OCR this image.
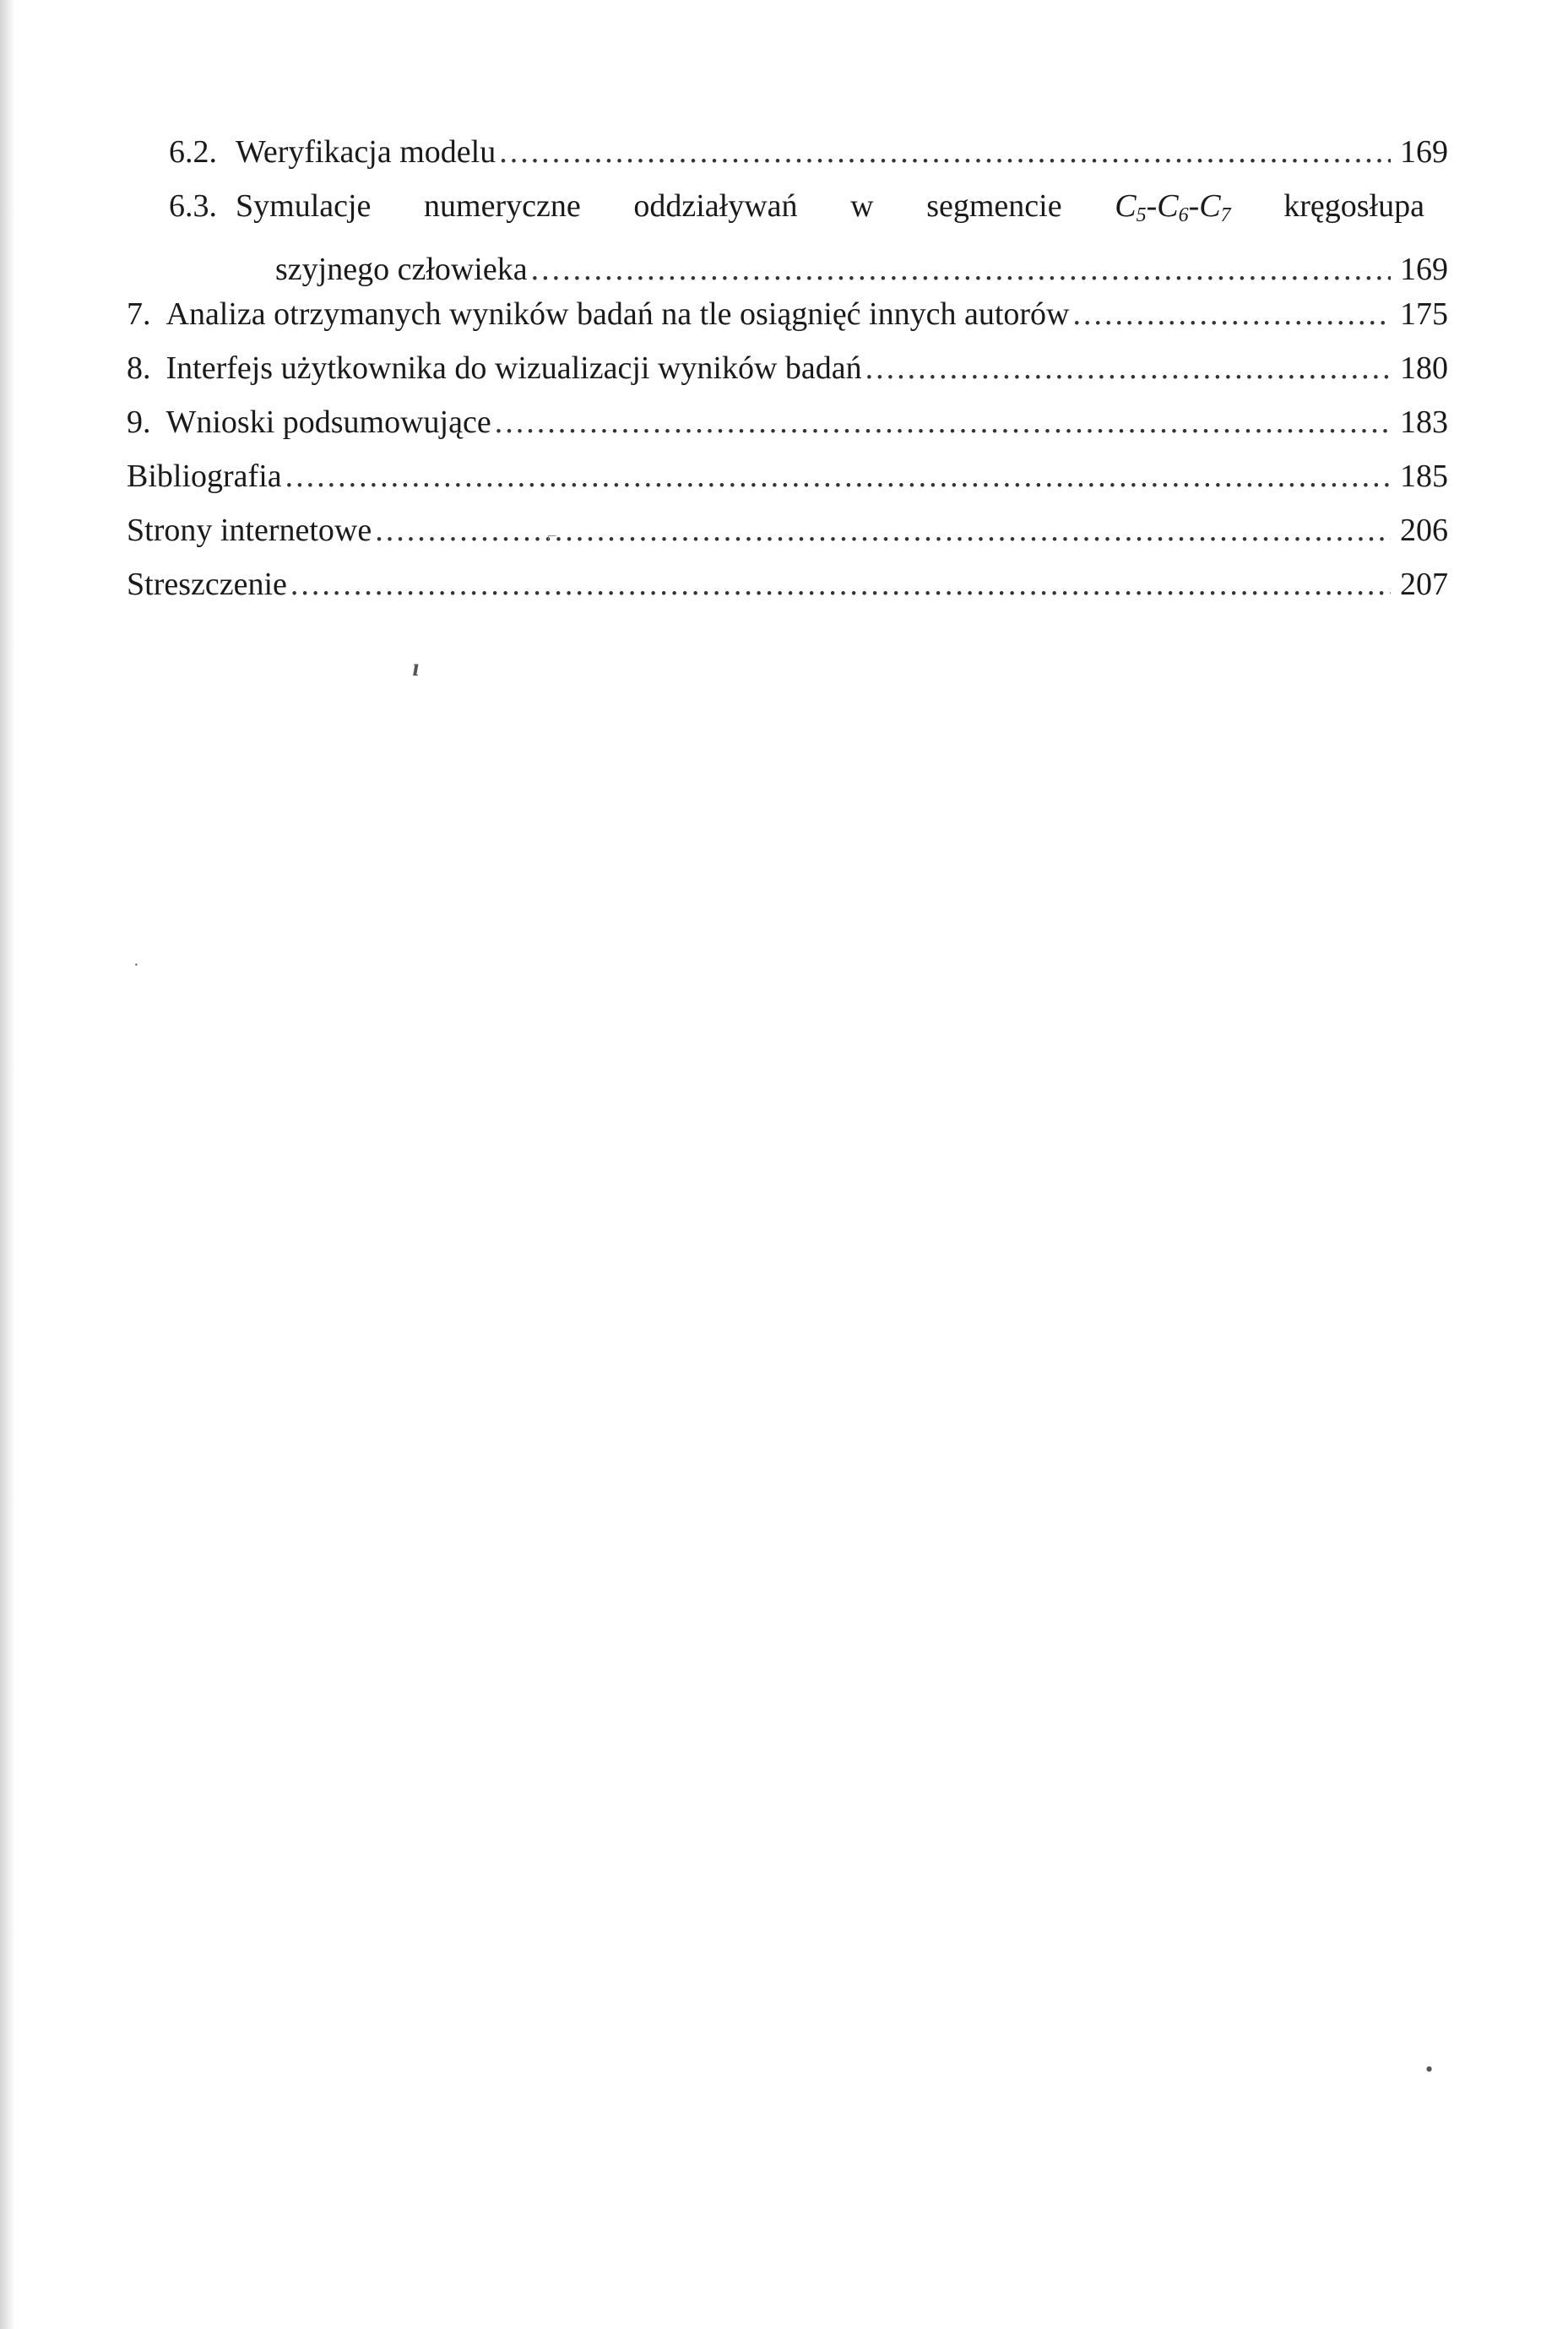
6.2. Weryfikacja modelu .....	169
6.3. Symulacje numeryczne oddziaływań w segmencie $C_5-C_6-C_7$ kręgosłupa
szyjnego człowieka .....	169
7. Analiza otrzymanych wyników badań na tle osiągnięć innych autorów .....	175
8. Interfejs użytkownika do wizualizacji wyników badań .....	180
9. Wnioski podsumowujące .....	183
Bibliografia .....	185
Strony internetowe .....	206
Streszczenie .....	207
ɪ
•
·
⌐
